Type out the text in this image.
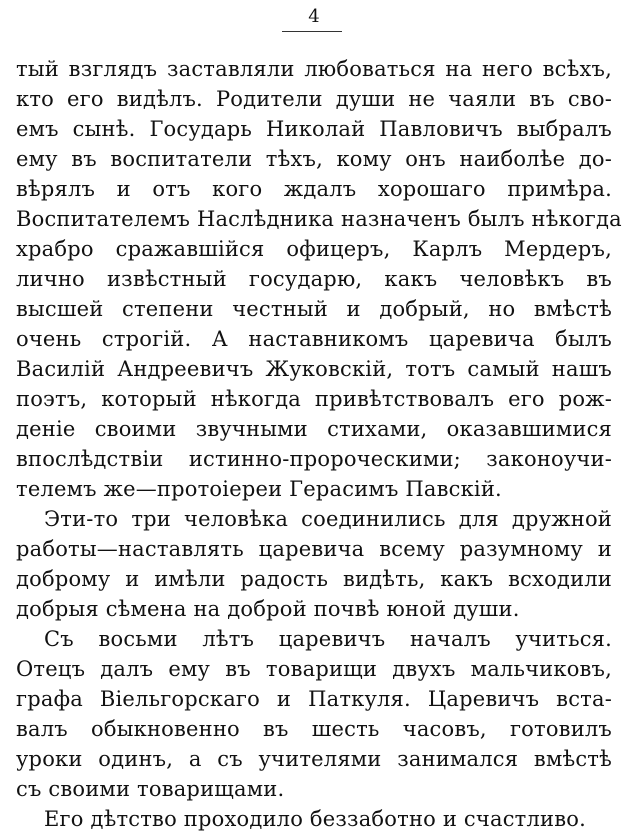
4
тый взглядъ заставляли любоваться на него всѣхъ,
кто его видѣлъ. Родители души не чаяли въ сво-
емъ сынѣ. Государь Николай Павловичъ выбралъ
ему въ воспитатели тѣхъ, кому онъ наиболѣе до-
вѣрялъ и отъ кого ждалъ хорошаго примѣра.
Воспитателемъ Наслѣдника назначенъ былъ нѣкогда
храбро сражавшiйся офицеръ, Карлъ Мердеръ,
лично извѣстный государю, какъ человѣкъ въ
высшей степени честный и добрый, но вмѣстѣ
очень строгiй. А наставникомъ царевича былъ
Василiй Андреевичъ Жуковскiй, тотъ самый нашъ
поэтъ, который нѣкогда привѣтствовалъ его рож-
денiе своими звучными стихами, оказавшимися
впослѣдствiи истинно-пророческими; законоучи-
телемъ же—протоiереи Герасимъ Павскiй.
Эти-то три человѣка соединились для дружной
работы—наставлять царевича всему разумному и
доброму и имѣли радость видѣть, какъ всходили
добрыя сѣмена на доброй почвѣ юной души.
Съ восьми лѣтъ царевичъ началъ учиться.
Отецъ далъ ему въ товарищи двухъ мальчиковъ,
графа Вiельгорскаго и Паткуля. Царевичъ вста-
валъ обыкновенно въ шесть часовъ, готовилъ
уроки одинъ, а съ учителями занимался вмѣстѣ
съ своими товарищами.
Его дѣтство проходило беззаботно и счастливо.
